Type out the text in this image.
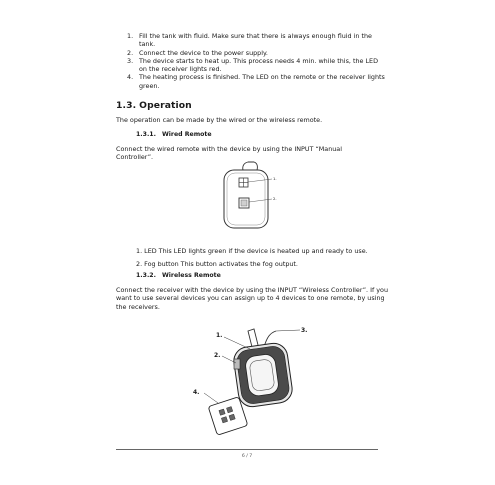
1. Fill the tank with fluid. Make sure that there is always enough fluid in the tank.
2. Connect the device to the power supply.
3. The device starts to heat up. This process needs 4 min. while this, the LED on the receiver lights red.
4. The heating process is finished. The LED on the remote or the receiver lights green.
1.3. Operation
The operation can be made by the wired or the wireless remote.
1.3.1. Wired Remote
Connect the wired remote with the device by using the INPUT “Manual Controller”.
1.
2.
1. LED This LED lights green if the device is heated up and ready to use.
2. Fog button This button activates the fog output.
1.3.2. Wireless Remote
Connect the receiver with the device by using the INPUT “Wireless Controller”. If you want to use several devices you can assign up to 4 devices to one remote, by using the receivers.
1.
2.
3.
4.
6 / 7
